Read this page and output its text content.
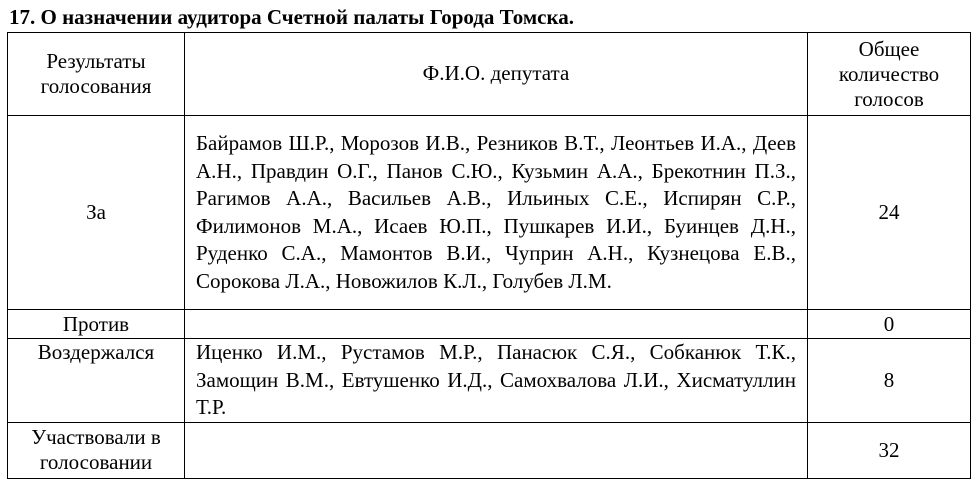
17. О назначении аудитора Счетной палаты Города Томска.
Результаты голосования	Ф.И.О. депутата	Общее количество голосов

За	Байрамов Ш.Р., Морозов И.В., Резников В.Т., Леонтьев И.А., Деев А.Н., Правдин О.Г., Панов С.Ю., Кузьмин А.А., Брекотнин П.З., Рагимов А.А., Васильев А.В., Ильиных С.Е., Испирян С.Р., Филимонов М.А., Исаев Ю.П., Пушкарев И.И., Буинцев Д.Н., Руденко С.А., Мамонтов В.И., Чуприн А.Н., Кузнецова Е.В., Сорокова Л.А., Новожилов К.Л., Голубев Л.М.	24

Против		0

Воздержался	Иценко И.М., Рустамов М.Р., Панасюк С.Я., Собканюк Т.К., Замощин В.М., Евтушенко И.Д., Самохвалова Л.И., Хисматуллин Т.Р.	8

Участвовали в голосовании		32
